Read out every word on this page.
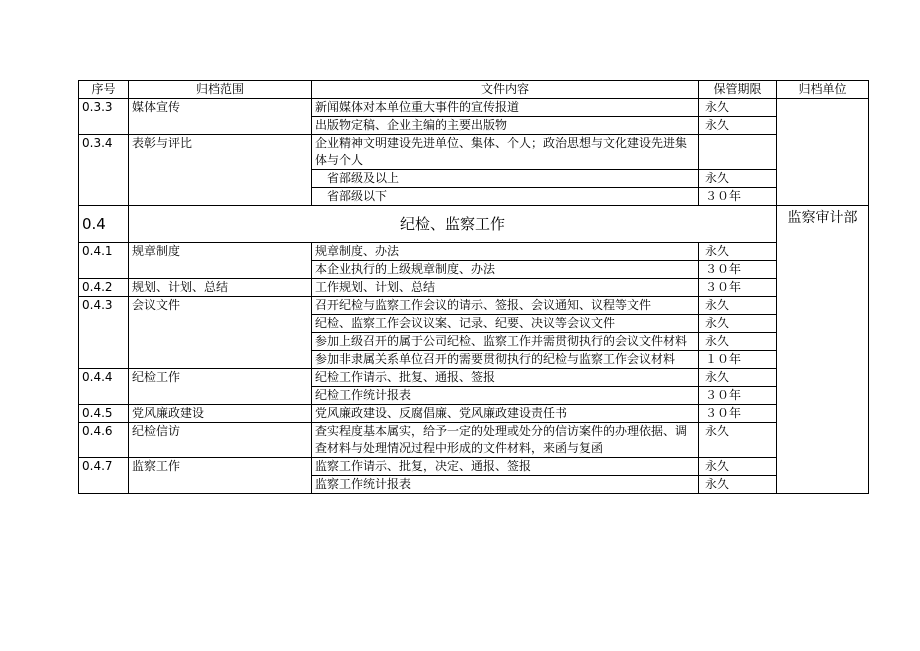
序号	归档范围	文件内容	保管期限	归档单位
0.3.3	媒体宣传	新闻媒体对本单位重大事件的宣传报道	永久	
		出版物定稿、企业主编的主要出版物	永久	
0.3.4	表彰与评比	企业精神文明建设先进单位、集体、个人；政治思想与文化建设先进集体与个人		
		　省部级及以上	永久	
		　省部级以下	３０年	
0.4	纪检、监察工作			监察审计部

0.4.1	规章制度	规章制度、办法	永久	
		本企业执行的上级规章制度、办法	３０年	
0.4.2	规划、计划、总结	工作规划、计划、总结	３０年	
0.4.3	会议文件	召开纪检与监察工作会议的请示、签报、会议通知、议程等文件	永久	
		纪检、监察工作会议议案、记录、纪要、决议等会议文件	永久	
		参加上级召开的属于公司纪检、监察工作并需贯彻执行的会议文件材料	永久	
		参加非隶属关系单位召开的需要贯彻执行的纪检与监察工作会议材料	１０年	
0.4.4	纪检工作	纪检工作请示、批复、通报、签报	永久	
		纪检工作统计报表	３０年	
0.4.5	党风廉政建设	党风廉政建设、反腐倡廉、党风廉政建设责任书	３０年	
0.4.6	纪检信访	查实程度基本属实，给予一定的处理或处分的信访案件的办理依据、调查材料与处理情况过程中形成的文件材料，来函与复函	永久	
0.4.7	监察工作	监察工作请示、批复，决定、通报、签报	永久	
		监察工作统计报表	永久	
